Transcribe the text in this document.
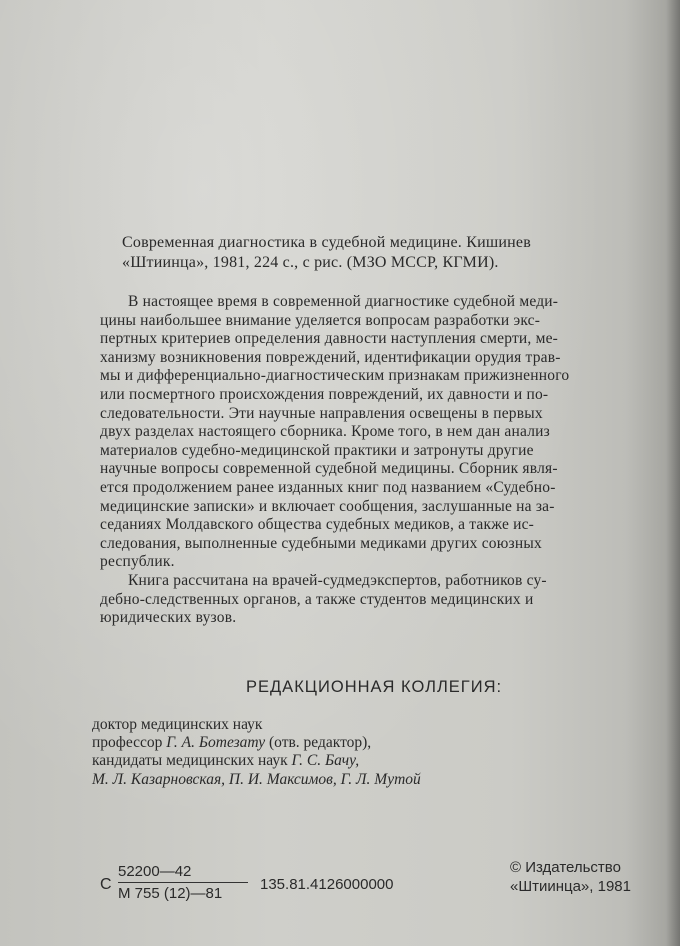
Современная диагностика в судебной медицине. Кишинев
«Штиинца», 1981, 224 с., с рис. (МЗО МССР, КГМИ).
В настоящее время в современной диагностике судебной меди-
цины наибольшее внимание уделяется вопросам разработки экс-
пертных критериев определения давности наступления смерти, ме-
ханизму возникновения повреждений, идентификации орудия трав-
мы и дифференциально-диагностическим признакам прижизненного
или посмертного происхождения повреждений, их давности и по-
следовательности. Эти научные направления освещены в первых
двух разделах настоящего сборника. Кроме того, в нем дан анализ
материалов судебно-медицинской практики и затронуты другие
научные вопросы современной судебной медицины. Сборник явля-
ется продолжением ранее изданных книг под названием «Судебно-
медицинские записки» и включает сообщения, заслушанные на за-
седаниях Молдавского общества судебных медиков, а также ис-
следования, выполненные судебными медиками других союзных
республик.
Книга рассчитана на врачей-судмедэкспертов, работников су-
дебно-следственных органов, а также студентов медицинских и
юридических вузов.
РЕДАКЦИОННАЯ КОЛЛЕГИЯ:
доктор медицинских наук
профессор Г. А. Ботезату (отв. редактор),
кандидаты медицинских наук Г. С. Бачу,
М. Л. Казарновская, П. И. Максимов, Г. Л. Мутой
С
52200—42
М 755 (12)—81
135.81.4126000000
© Издательство
«Штиинца», 1981
